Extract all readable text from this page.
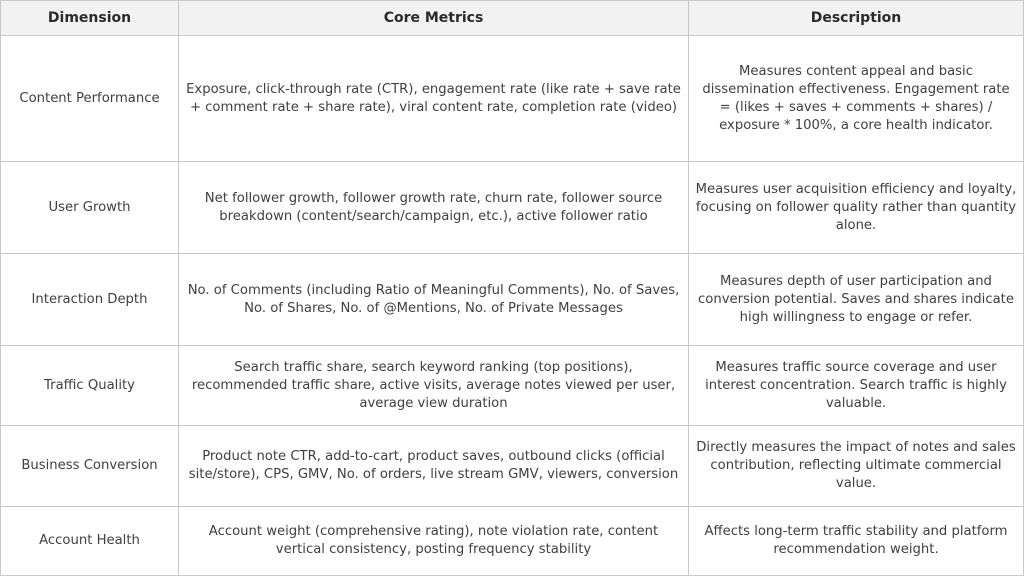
Dimension	Core Metrics	Description
Content Performance	Exposure, click-through rate (CTR), engagement rate (like rate + save rate + comment rate + share rate), viral content rate, completion rate (video)	Measures content appeal and basic dissemination effectiveness. Engagement rate = (likes + saves + comments + shares) / exposure * 100%, a core health indicator.
User Growth	Net follower growth, follower growth rate, churn rate, follower source breakdown (content/search/campaign, etc.), active follower ratio	Measures user acquisition efficiency and loyalty, focusing on follower quality rather than quantity alone.
Interaction Depth	No. of Comments (including Ratio of Meaningful Comments), No. of Saves, No. of Shares, No. of @Mentions, No. of Private Messages	Measures depth of user participation and conversion potential. Saves and shares indicate high willingness to engage or refer.
Traffic Quality	Search traffic share, search keyword ranking (top positions), recommended traffic share, active visits, average notes viewed per user, average view duration	Measures traffic source coverage and user interest concentration. Search traffic is highly valuable.
Business Conversion	Product note CTR, add-to-cart, product saves, outbound clicks (official site/store), CPS, GMV, No. of orders, live stream GMV, viewers, conversion	Directly measures the impact of notes and sales contribution, reflecting ultimate commercial value.
Account Health	Account weight (comprehensive rating), note violation rate, content vertical consistency, posting frequency stability	Affects long-term traffic stability and platform recommendation weight.
